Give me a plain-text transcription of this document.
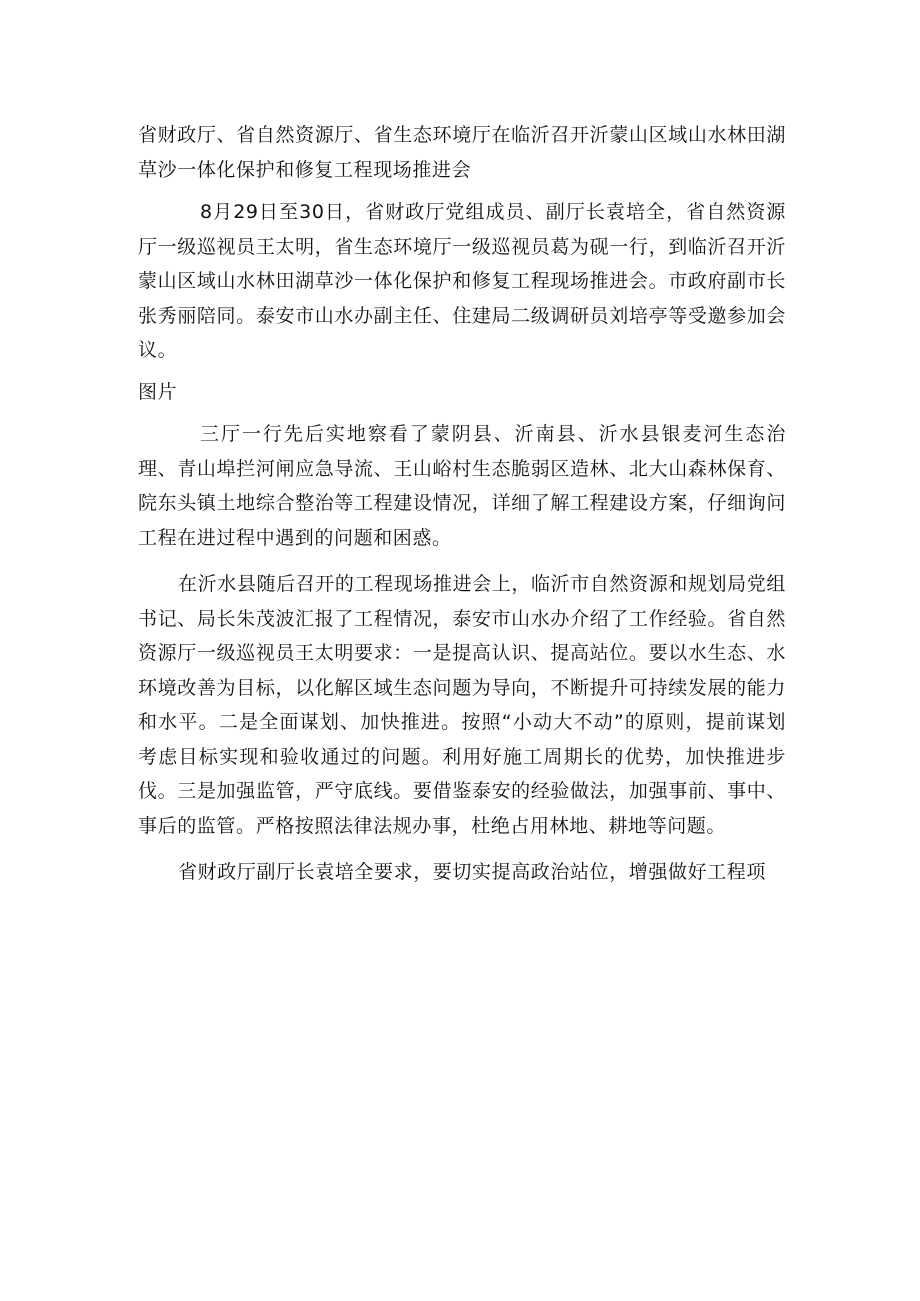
省财政厅、省自然资源厅、省生态环境厅在临沂召开沂蒙山区域山水林田湖草沙一体化保护和修复工程现场推进会

8月29日至30日，省财政厅党组成员、副厅长袁培全，省自然资源厅一级巡视员王太明，省生态环境厅一级巡视员葛为砚一行，到临沂召开沂蒙山区域山水林田湖草沙一体化保护和修复工程现场推进会。市政府副市长张秀丽陪同。泰安市山水办副主任、住建局二级调研员刘培亭等受邀参加会议。

图片

三厅一行先后实地察看了蒙阴县、沂南县、沂水县银麦河生态治理、青山埠拦河闸应急导流、王山峪村生态脆弱区造林、北大山森林保育、院东头镇土地综合整治等工程建设情况，详细了解工程建设方案，仔细询问工程在进过程中遇到的问题和困惑。

在沂水县随后召开的工程现场推进会上，临沂市自然资源和规划局党组书记、局长朱茂波汇报了工程情况，泰安市山水办介绍了工作经验。省自然资源厅一级巡视员王太明要求：一是提高认识、提高站位。要以水生态、水环境改善为目标，以化解区域生态问题为导向，不断提升可持续发展的能力和水平。二是全面谋划、加快推进。按照“小动大不动”的原则，提前谋划考虑目标实现和验收通过的问题。利用好施工周期长的优势，加快推进步伐。三是加强监管，严守底线。要借鉴泰安的经验做法，加强事前、事中、事后的监管。严格按照法律法规办事，杜绝占用林地、耕地等问题。

省财政厅副厅长袁培全要求，要切实提高政治站位，增强做好工程项
